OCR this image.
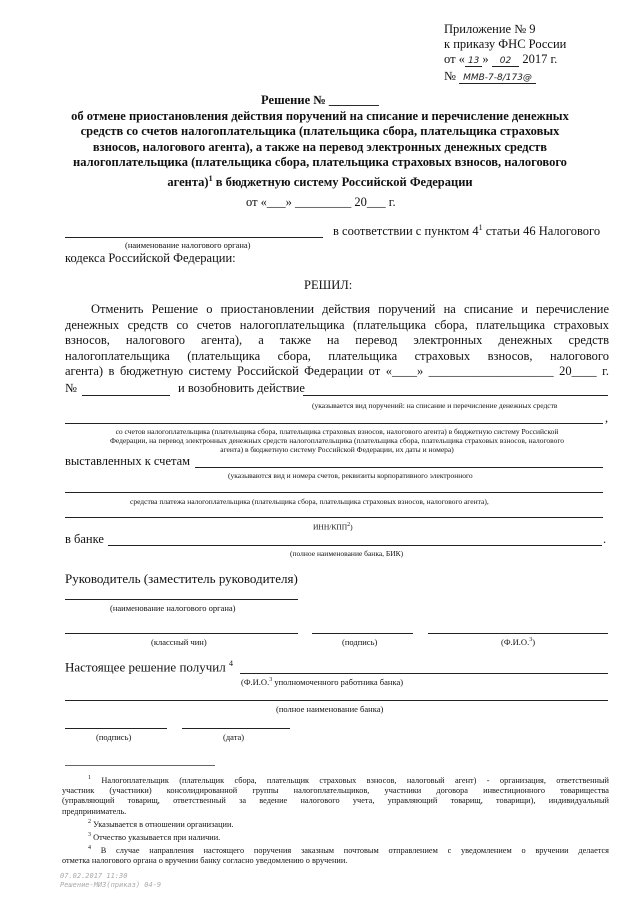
Приложение № 9
к приказу ФНС России
от « 13 » 02 2017 г.
№ ММВ-7-8/173@
Решение № ________
об отмене приостановления действия поручений на списание и перечисление денежных
средств со счетов налогоплательщика (плательщика сбора, плательщика страховых
взносов, налогового агента), а также на перевод электронных денежных средств
налогоплательщика (плательщика сбора, плательщика страховых взносов, налогового
агента)$^1$ в бюджетную систему Российской Федерации
от «___» _________ 20___ г.
в соответствии с пунктом $4^1$ статьи 46 Налогового
(наименование налогового органа)
кодекса Российской Федерации:
РЕШИЛ:
Отменить Решение о приостановлении действия поручений на списание и перечисление
денежных средств со счетов налогоплательщика (плательщика сбора, плательщика страховых
взносов, налогового агента), а также на перевод электронных денежных средств
налогоплательщика (плательщика сбора, плательщика страховых взносов, налогового
агента) в бюджетную систему Российской Федерации от «____» ____________________ 20____ г.
№	и возобновить действие
(указывается вид поручений: на списание и перечисление денежных средств
,
со счетов налогоплательщика (плательщика сбора, плательщика страховых взносов, налогового агента) в бюджетную систему Российской
Федерации, на перевод электронных денежных средств налогоплательщика (плательщика сбора, плательщика страховых взносов, налогового
агента) в бюджетную систему Российской Федерации, их даты и номера)
выставленных к счетам
(указываются вид и номера счетов, реквизиты корпоративного электронного
средства платежа налогоплательщика (плательщика сбора, плательщика страховых взносов, налогового агента),
ИНН/КПП$^2$)
в банке	.
(полное наименование банка, БИК)
Руководитель (заместитель руководителя)
(наименование налогового органа)
(классный чин)	(подпись)	(Ф.И.О.$^3$)
Настоящее решение получил $^4$
(Ф.И.О.$^3$ уполномоченного работника банка)
(полное наименование банка)
(подпись)	(дата)
$^1$ Налогоплательщик (плательщик сбора, плательщик страховых взносов, налоговый агент) - организация, ответственный
участник (участники) консолидированной группы налогоплательщиков, участники договора инвестиционного товарищества
(управляющий товарищ, ответственный за ведение налогового учета, управляющий товарищ, товарищи), индивидуальный
предприниматель.
$^2$ Указывается в отношении организации.
$^3$ Отчество указывается при наличии.
$^4$ В случае направления настоящего поручения заказным почтовым отправлением с уведомлением о вручении делается
отметка налогового органа о вручении банку согласно уведомлению о вручении.
07.02.2017 11:30
Решение-МИЗ(приказ) 04-9
